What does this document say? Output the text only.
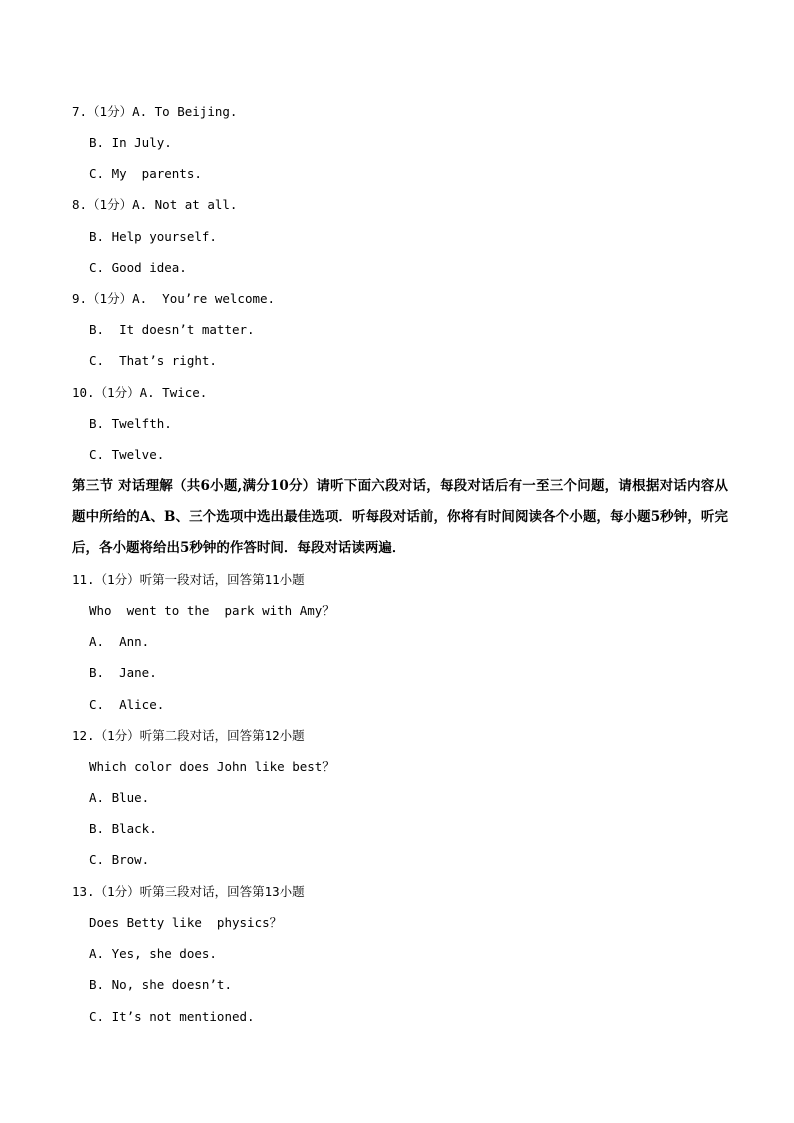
7.（1分）A. To Beijing.
B. In July.
C. My  parents.
8.（1分）A. Not at all.
B. Help yourself.
C. Good idea.
9.（1分）A.  You’re welcome.
B.  It doesn’t matter.
C.  That’s right.
10.（1分）A. Twice.
B. Twelfth.
C. Twelve.
第三节 对话理解（共6小题,满分10分）请听下面六段对话，每段对话后有一至三个问题，请根据对话内容从题中所给的A、B、三个选项中选出最佳选项．听每段对话前，你将有时间阅读各个小题，每小题5秒钟，听完后，各小题将给出5秒钟的作答时间．每段对话读两遍．
11.（1分）听第一段对话，回答第11小题
Who  went to the  park with Amy？
A.  Ann.
B.  Jane.
C.  Alice.
12.（1分）听第二段对话，回答第12小题
Which color does John like best？
A. Blue.
B. Black.
C. Brow.
13.（1分）听第三段对话，回答第13小题
Does Betty like  physics？
A. Yes, she does.
B. No, she doesn’t.
C. It’s not mentioned.
